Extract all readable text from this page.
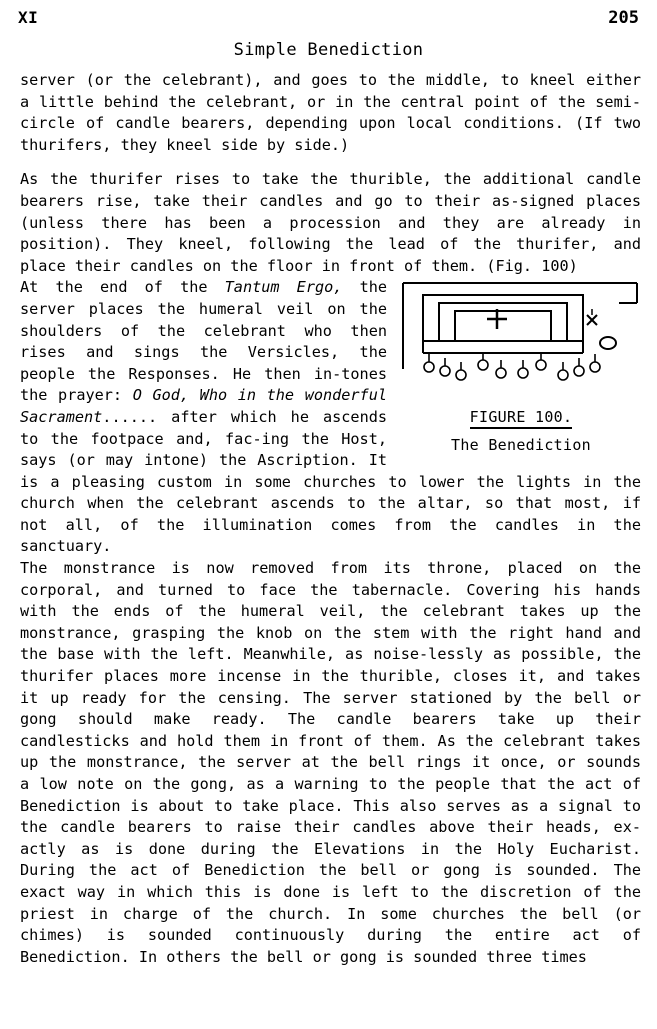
XI	205
Simple Benediction

server (or the celebrant), and goes to the middle, to kneel either a little behind the celebrant, or in the central point of the semi-circle of candle bearers, depending upon local conditions. (If two thurifers, they kneel side by side.)

As the thurifer rises to take the thurible, the additional candle bearers rise, take their candles and go to their as-signed places (unless there has been a procession and they are already in position). They kneel, following the lead of the thurifer, and place their candles on the floor in front of them. (Fig. 100)

FIGURE 100.
The Benediction

At the end of the Tantum Ergo, the server places the humeral veil on the shoulders of the celebrant who then rises and sings the Versicles, the people the Responses. He then in-tones the prayer: O God, Who in the wonderful Sacrament...... after which he ascends to the footpace and, fac-ing the Host, says (or may intone) the Ascription. It is a pleasing custom in some churches to lower the lights in the church when the celebrant ascends to the altar, so that most, if not all, of the illumination comes from the candles in the sanctuary.

The monstrance is now removed from its throne, placed on the corporal, and turned to face the tabernacle. Covering his hands with the ends of the humeral veil, the celebrant takes up the monstrance, grasping the knob on the stem with the right hand and the base with the left. Meanwhile, as noise-lessly as possible, the thurifer places more incense in the thurible, closes it, and takes it up ready for the censing. The server stationed by the bell or gong should make ready. The candle bearers take up their candlesticks and hold them in front of them. As the celebrant takes up the monstrance, the server at the bell rings it once, or sounds a low note on the gong, as a warning to the people that the act of Benediction is about to take place. This also serves as a signal to the candle bearers to raise their candles above their heads, ex-actly as is done during the Elevations in the Holy Eucharist. During the act of Benediction the bell or gong is sounded. The exact way in which this is done is left to the discretion of the priest in charge of the church. In some churches the bell (or chimes) is sounded continuously during the entire act of Benediction. In others the bell or gong is sounded three times
